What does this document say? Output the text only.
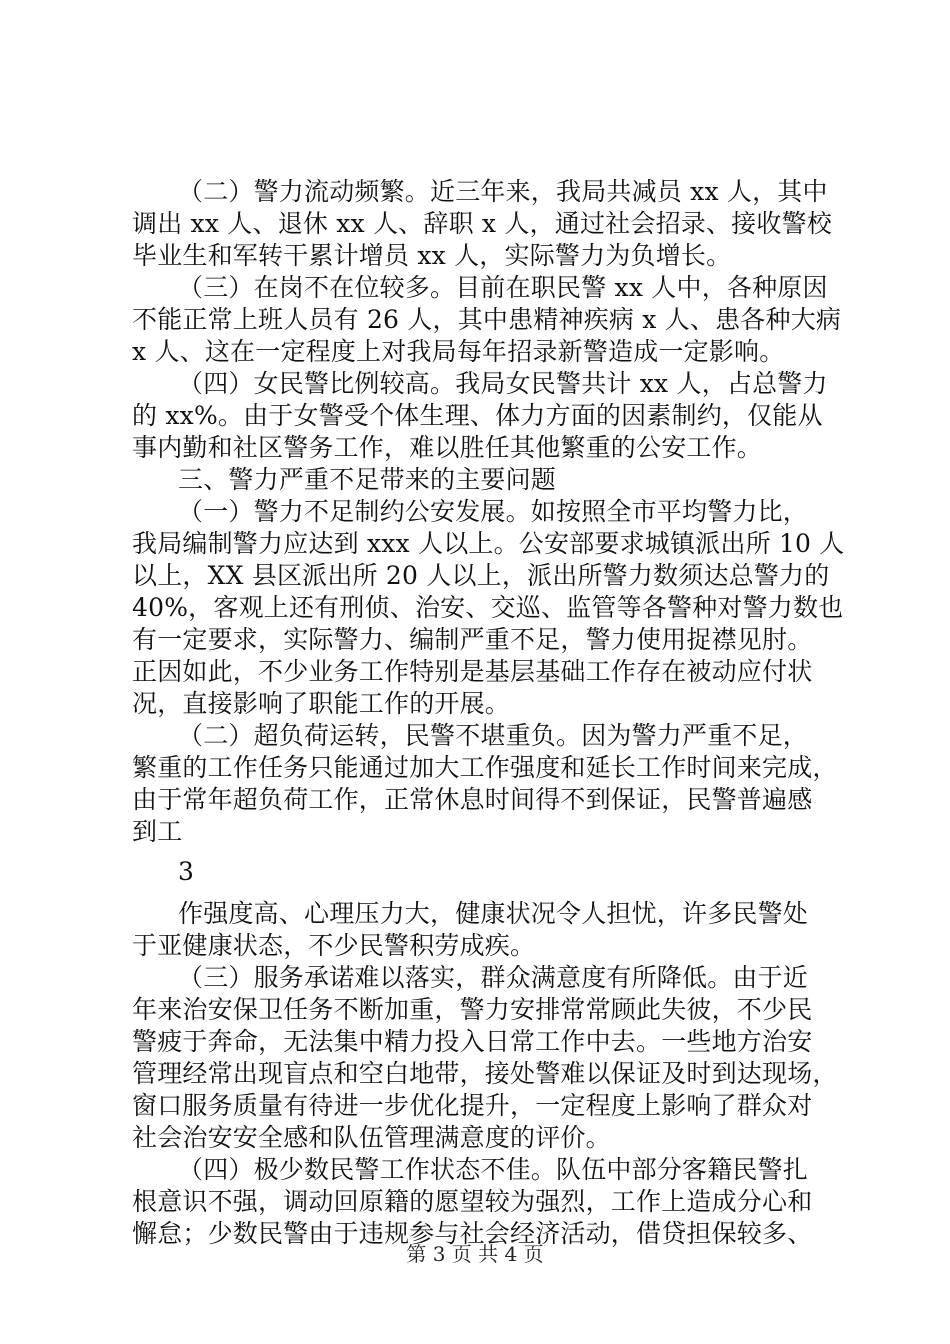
（二）警力流动频繁。近三年来，我局共减员 xx 人，其中
调出 xx 人、退休 xx 人、辞职 x 人，通过社会招录、接收警校
毕业生和军转干累计增员 xx 人，实际警力为负增长。
（三）在岗不在位较多。目前在职民警 xx 人中，各种原因
不能正常上班人员有 26 人，其中患精神疾病 x 人、患各种大病
x 人、这在一定程度上对我局每年招录新警造成一定影响。
（四）女民警比例较高。我局女民警共计 xx 人，占总警力
的 xx%。由于女警受个体生理、体力方面的因素制约，仅能从
事内勤和社区警务工作，难以胜任其他繁重的公安工作。
三、警力严重不足带来的主要问题
（一）警力不足制约公安发展。如按照全市平均警力比，
我局编制警力应达到 xxx 人以上。公安部要求城镇派出所 10 人
以上，XX 县区派出所 20 人以上，派出所警力数须达总警力的
40%，客观上还有刑侦、治安、交巡、监管等各警种对警力数也
有一定要求，实际警力、编制严重不足，警力使用捉襟见肘。
正因如此，不少业务工作特别是基层基础工作存在被动应付状
况，直接影响了职能工作的开展。
（二）超负荷运转，民警不堪重负。因为警力严重不足，
繁重的工作任务只能通过加大工作强度和延长工作时间来完成，
由于常年超负荷工作，正常休息时间得不到保证，民警普遍感
到工
3
作强度高、心理压力大，健康状况令人担忧，许多民警处
于亚健康状态，不少民警积劳成疾。
（三）服务承诺难以落实，群众满意度有所降低。由于近
年来治安保卫任务不断加重，警力安排常常顾此失彼，不少民
警疲于奔命，无法集中精力投入日常工作中去。一些地方治安
管理经常出现盲点和空白地带，接处警难以保证及时到达现场，
窗口服务质量有待进一步优化提升，一定程度上影响了群众对
社会治安安全感和队伍管理满意度的评价。
（四）极少数民警工作状态不佳。队伍中部分客籍民警扎
根意识不强，调动回原籍的愿望较为强烈，工作上造成分心和
懈怠；少数民警由于违规参与社会经济活动，借贷担保较多、
第 3 页 共 4 页
